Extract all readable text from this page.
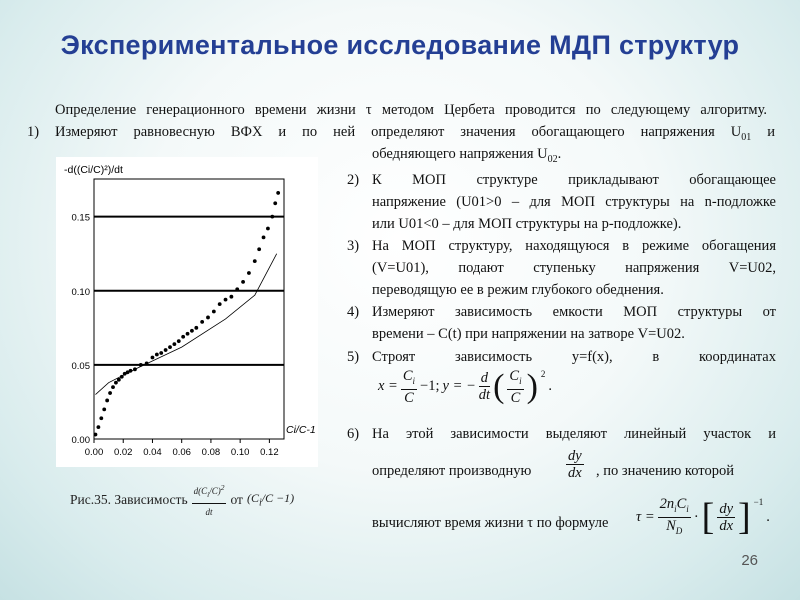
Экспериментальное исследование МДП структур
Определение генерационного времени жизни τ методом Цербета проводится по следующему алгоритму.
1) Измеряют равновесную ВФХ и по ней определяют значения обогащающего напряжения $U_{01}$ и
обедняющего напряжения $U_{02}$.
2) К МОП структуре прикладывают обогащающее
напряжение (U01>0 – для МОП структуры на n-подложке
или U01<0 – для МОП структуры на p-подложке).
3) На МОП структуру, находящуюся в режиме обогащения
(V=U01), подают ступеньку напряжения V=U02,
переводящую ее в режим глубокого обеднения.
4) Измеряют зависимость емкости МОП структуры от
времени – C(t) при напряжении на затворе V=U02.
5) Строят зависимость y=f(x), в координатах
$x = \frac{C_i}{C} -1$; y = − $\frac{d}{dt}$ ( $\frac{C_i}{C}$ ) $^2$
.
6) На этой зависимости выделяют линейный участок и
определяют производную $\frac{dy}{dx}$ , по значению которой
вычисляют время жизни τ по формуле $\tau = \frac{2n_iC_i}{N_D}$ · [ $\frac{dy}{dx}$ ] $^{-1}$
.
0.00
0.05
0.10
0.15
0.00 0.02 0.04 0.06 0.08 0.10 0.12
-d((Ci/C)²)/dt
Ci/C-1
Рис.35. Зависимость $\frac{d(C_i/C)^2}{dt}$ от $(C_i/C -1)$
26
